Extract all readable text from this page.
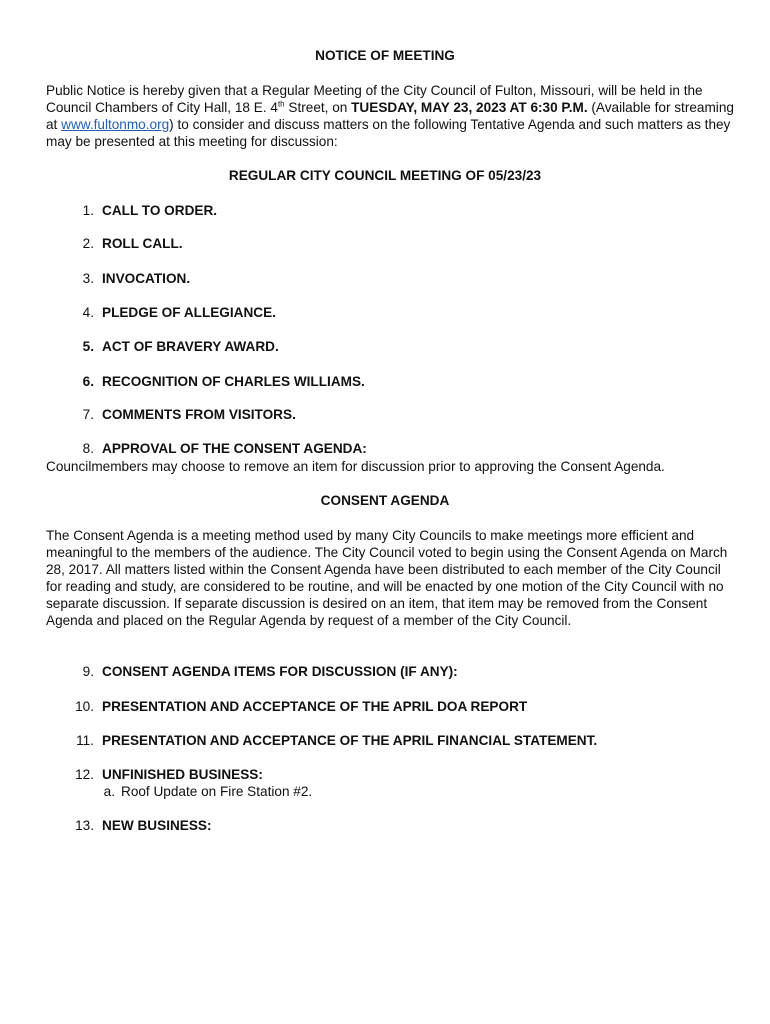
NOTICE OF MEETING
Public Notice is hereby given that a Regular Meeting of the City Council of Fulton, Missouri, will be held in the Council Chambers of City Hall, 18 E. 4th Street, on TUESDAY, MAY 23, 2023 AT 6:30 P.M. (Available for streaming at www.fultonmo.org) to consider and discuss matters on the following Tentative Agenda and such matters as they may be presented at this meeting for discussion:
REGULAR CITY COUNCIL MEETING OF 05/23/23
1. CALL TO ORDER.
2. ROLL CALL.
3. INVOCATION.
4. PLEDGE OF ALLEGIANCE.
5. ACT OF BRAVERY AWARD.
6. RECOGNITION OF CHARLES WILLIAMS.
7. COMMENTS FROM VISITORS.
8. APPROVAL OF THE CONSENT AGENDA:
Councilmembers may choose to remove an item for discussion prior to approving the Consent Agenda.
CONSENT AGENDA
The Consent Agenda is a meeting method used by many City Councils to make meetings more efficient and meaningful to the members of the audience. The City Council voted to begin using the Consent Agenda on March 28, 2017. All matters listed within the Consent Agenda have been distributed to each member of the City Council for reading and study, are considered to be routine, and will be enacted by one motion of the City Council with no separate discussion. If separate discussion is desired on an item, that item may be removed from the Consent Agenda and placed on the Regular Agenda by request of a member of the City Council.
9. CONSENT AGENDA ITEMS FOR DISCUSSION (IF ANY):
10. PRESENTATION AND ACCEPTANCE OF THE APRIL DOA REPORT
11. PRESENTATION AND ACCEPTANCE OF THE APRIL FINANCIAL STATEMENT.
12. UNFINISHED BUSINESS:
a. Roof Update on Fire Station #2.
13. NEW BUSINESS:
